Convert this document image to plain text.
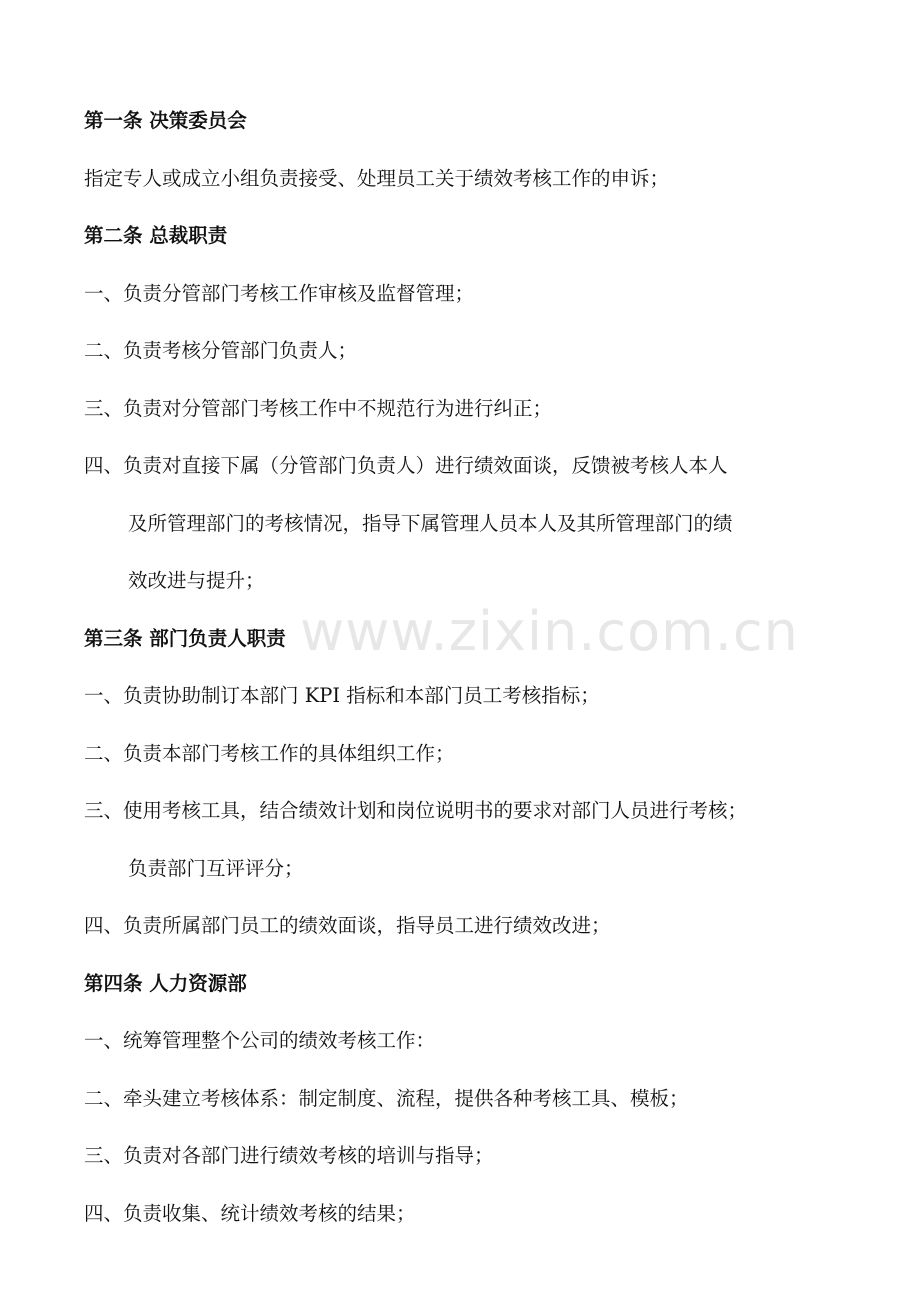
第一条 决策委员会

指定专人或成立小组负责接受、处理员工关于绩效考核工作的申诉；

第二条 总裁职责

一、负责分管部门考核工作审核及监督管理；

二、负责考核分管部门负责人；

三、负责对分管部门考核工作中不规范行为进行纠正；

四、负责对直接下属（分管部门负责人）进行绩效面谈，反馈被考核人本人

及所管理部门的考核情况，指导下属管理人员本人及其所管理部门的绩

效改进与提升；

第三条 部门负责人职责

一、负责协助制订本部门 KPI 指标和本部门员工考核指标；

二、负责本部门考核工作的具体组织工作；

三、使用考核工具，结合绩效计划和岗位说明书的要求对部门人员进行考核；

负责部门互评评分；

四、负责所属部门员工的绩效面谈，指导员工进行绩效改进；

第四条 人力资源部

一、统筹管理整个公司的绩效考核工作：

二、牵头建立考核体系：制定制度、流程，提供各种考核工具、模板；

三、负责对各部门进行绩效考核的培训与指导；

四、负责收集、统计绩效考核的结果；

www.zixin.com.cn
